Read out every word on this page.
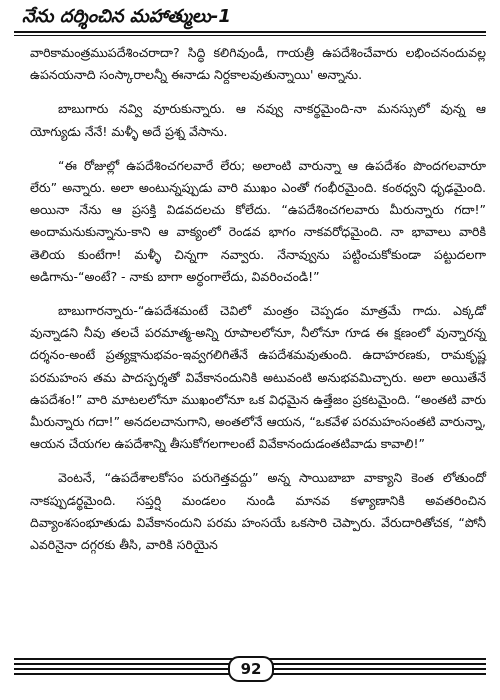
నేను దర్శించిన మహాత్ములు-1

వారికామంత్రముపదేశించరాదా? సిద్ధి కలిగివుండీ, గాయత్రీ ఉపదేశించేవారు లభించనందువల్ల ఉపనయనాది సంస్కారాలన్నీ ఈనాడు నిర్దకాలవుతున్నాయి' అన్నాను.

బాబుగారు నవ్వి వూరుకున్నారు. ఆ నవ్వు నాకర్థమైంది-నా మనస్సులో వున్న ఆ యోగ్యుడు నేనే! మళ్ళీ అదే ప్రశ్న వేసాను.

“ఈ రోజుల్లో ఉపదేశించగలవారే లేరు; అలాంటి వారున్నా ఆ ఉపదేశం పొందగలవారూ లేరు” అన్నారు. అలా అంటున్నప్పుడు వారి ముఖం ఎంతో గంభీరమైంది. కంఠధ్వని ధృఢమైంది. అయినా నేను ఆ ప్రసక్తి విడవదలచు కోలేదు. “ఉపదేశించగలవారు మీరున్నారు గదా!” అందామనుకున్నాను-కాని ఆ వాక్యంలో రెండవ భాగం నాకవరోధమైంది. నా భావాలు వారికి తెలియ కుంటేగా! మళ్ళీ చిన్నగా నవ్వారు. నేనావ్వును పట్టించుకోకుండా పట్టుదలగా అడిగాను-“అంటే? - నాకు బాగా అర్ధంగాలేదు, వివరించండి!”

బాబుగారన్నారు-“ఉపదేశమంటే చెవిలో మంత్రం చెప్పడం మాత్రమే గాదు. ఎక్కడో వున్నాడని నీవు తలచే పరమాత్మ-అన్ని రూపాలలోనూ, నీలోనూ గూడ ఈ క్షణంలో వున్నారన్న దర్శనం-అంటే ప్రత్యక్షానుభవం-ఇవ్వగలిగితేనే ఉపదేశమవుతుంది. ఉదాహరణకు, రామకృష్ణ పరమహంస తమ పాదస్పర్శతో వివేకానందునికి అటువంటి అనుభవమిచ్చారు. అలా అయితేనే ఉపదేశం!” వారి మాటలలోనూ ముఖంలోనూ ఒక విధమైన ఉత్తేజం ప్రకటమైంది. “అంతటి వారు మీరున్నారు గదా!” అనదలచానుగాని, అంతలోనే ఆయన, “ఒకవేళ పరమహంసంతటి వారున్నా, ఆయన చేయగల ఉపదేశాన్ని తీసుకోగలగాలంటే వివేకానందుడంతటివాడు కావాలి!”

వెంటనే, “ఉపదేశాలకోసం పరుగెత్తవద్దు” అన్న సాయిబాబా వాక్యాని కెంత లోతుందో నాకప్పుడర్థమైంది. సప్తర్షి మండలం నుండి మానవ కళ్యాణానికి అవతరించిన దివ్యాంశసంభూతుడు వివేకానందుని పరమ హంసయే ఒకసారి చెప్పారు. వేరుదారితోచక, “పోనీ ఎవరినైనా దగ్గరకు తీసి, వారికి సరియైన

92
